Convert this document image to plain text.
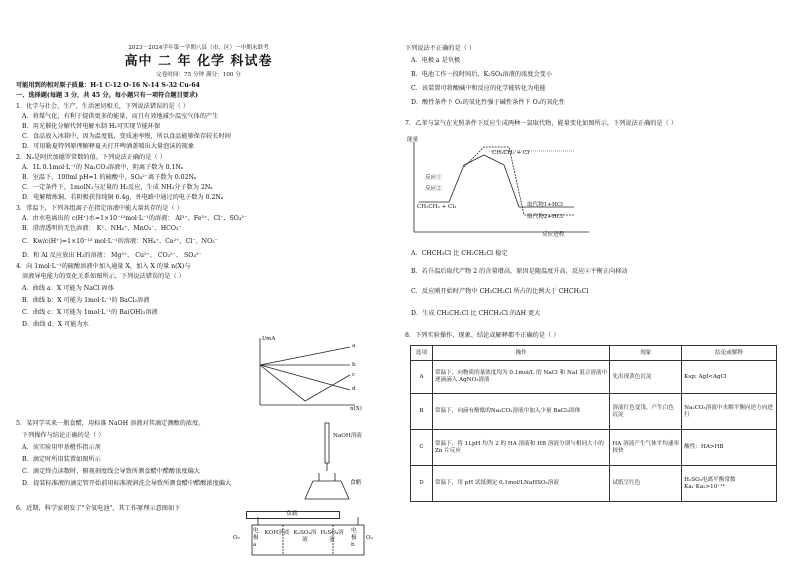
2023－2024学年第一学期八县（市、区）一中期末联考
高中 二 年 化学 科试卷
完卷时间：75 分钟 满分：100 分
可能用到的相对原子质量：H-1 C-12 O-16 N-14 S-32 Cu-64
一、选择题(每题 3 分，共 45 分。每小题只有一项符合题目要求)
1．化学与社会、生产、生活密切相关，下列说法错误的是（ ）
A．将煤气化，有利于提供更多的能量，而且有效地减少温室气体的产生
B．用光催化分解代替电解水制 H₂可实现节能环保
C．食品放入冰箱中，因为温度低，变质速率慢，所以食品能够保存较长时间
D．可用勒夏特列原理解释夏天打开啤酒盖喷出大量泡沫的现象
2．Nₐ是阿伏加德罗常数的值。下列说法正确的是（ ）
A．1L 0.1mol·L⁻¹的 Na₂CO₃溶液中，阴离子数为 0.1Nₐ
B．室温下，100ml pH=1 的硫酸中，SO₄²⁻离子数为 0.02Nₐ
C．一定条件下，1molN₂与足量的 H₂反应，生成 NH₃分子数为 2Nₐ
D．电解精炼铜，若阴极获得纯铜 6.4g，外电路中通过的电子数为 0.2Nₐ
3．常温下，下列各组离子在指定溶液中能大量共存的是（ ）
A．由水电离出的 c(H⁺)水=1×10⁻¹²mol·L⁻¹的溶液： Al³⁺、Fe³⁺、Cl⁻、SO₄²⁻
B．澄清透明的无色溶液： K⁺、NH₄⁺、MnO₄⁻、HCO₃⁻
C．Kw/c(H⁺)=1×10⁻¹³ mol·L⁻¹的溶液：NH₄⁺、Ca²⁺、Cl⁻、NO₃⁻
D．和 Al 反应放出 H₂的溶液： Mg²⁺、 Cu²⁺、 CO₃²⁻、 SO₄²⁻
4．向 1mol·L⁻¹的硫酸溶液中加入通量 X，加入 X 的量 n(X)与
溶液导电能力的变化关系如图所示，下列说法错误的是（ ）
A．曲线 a：X 可能为 NaCl 固体
B．曲线 b：X 可能为 1mol·L⁻¹的 BaCl₂溶液
C．曲线 c：X 可能为 1mol·L⁻¹的 Ba(OH)₂溶液
D．曲线 d：X 可能为水
I/mA
n(X)
a
b
c
d
5．某同学买来一瓶食醋，用标准 NaOH 溶液对其滴定测酸的浓度。
下列操作与结论正确的是（ ）
A．该实验用甲基橙作指示剂
B．滴定时所用装置如图所示
C．滴定终点读数时，俯视刻度线会导致所测食醋中醋酸浓度偏大
D．提装标准液的滴定管开始前用标准液润洗会导致所测食醋中醋酸浓度偏大
NaOH溶液
食醋
6．近期，科学家研发了"全氧电池"，其工作原理示意图如下
负载
O₂
电极a
KOH溶液 K₂SO₄溶液
H₂SO₄溶液
电极b
O₂
下列说法不正确的是（ ）
A．电极 a 是负极
B．电池工作一段时间后，K₂SO₄溶液的浓度会变小
C．该装置可将酸碱中和反应的化学能转化为电能
D．酸性条件下 O₂的氧化性强于碱性条件下 O₂的氧化性
7．乙苯与氯气在光照条件下反应生成两种一氯取代物，能量变化如图所示，下列说法正确的是（ ）
能量
反应①
反应②
CH₂CH₃ + Cl₂
CH₂ĊH₂ + Cl
取代物1+HCl
取代物2+HCl
反应进程
A．CHCH₃Cl 比 CH₂CH₂Cl 稳定
B．若升温后取代产物 2 的含量增高，原因是随温度升高，反应②平衡正向移动
C．反应刚开始时产物中 CH₂CH₂Cl 所占的比例大于 CHCH₃Cl
D．生成 CH₂CH₂Cl 比 CHCH₃Cl 的ΔH 更大
8．下列实验操作、现象、结论或解释都不正确的是（ ）
选项	操作	现象	结论或解释
A	常温下，向物质的量浓度均为 0.1mol/L 的 NaCl 和 NaI 混合溶液中逐滴滴入 AgNO₃溶液	先出现黄色沉淀	Ksp: AgI<AgCl
B	常温下，向滴有酚酞的Na₂CO₃溶液中加入少量 BaCl₂固体	溶液红色变浅，产生白色沉淀	Na₂CO₃溶液中水解平衡向逆方向进行
C	常温下，将 1LpH 均为 2 的 HA 溶液和 HB 溶液分别与相同大小的 Zn 片反应	HA 溶液产生气体平均速率较快	酸性：HA>HB
D	常温下，用 pH 试纸测定 0.1mol/LNaHSO₃溶液	试纸呈红色	H₂SO₃电离平衡常数 Ka₁·Ka₂>10⁻¹⁴
